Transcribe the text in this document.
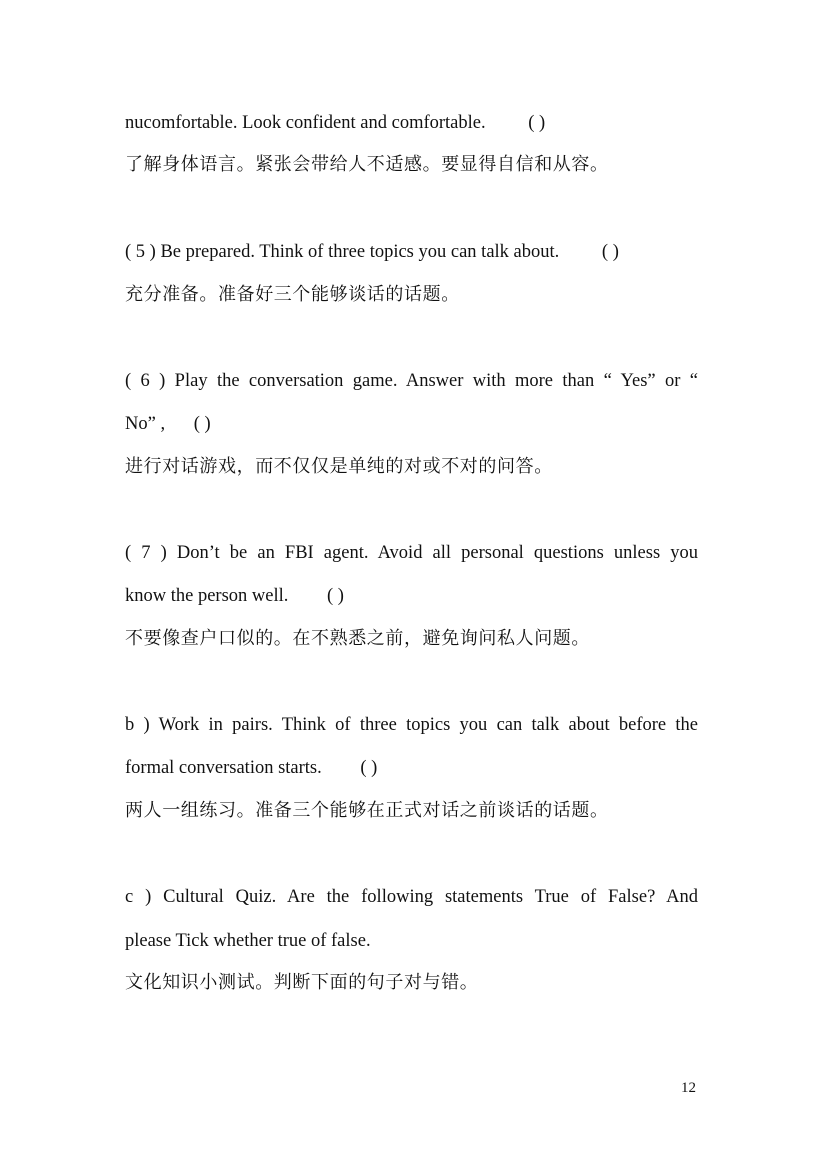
nucomfortable. Look confident and comfortable. ( )
了解身体语言。紧张会带给人不适感。要显得自信和从容。
( 5 ) Be prepared. Think of three topics you can talk about. ( )
充分准备。准备好三个能够谈话的话题。
( 6 ) Play the conversation game. Answer with more than “ Yes” or “
No” , ( )
进行对话游戏，而不仅仅是单纯的对或不对的问答。
( 7 ) Don’t be an FBI agent. Avoid all personal questions unless you
know the person well. ( )
不要像查户口似的。在不熟悉之前，避免询问私人问题。
b ) Work in pairs. Think of three topics you can talk about before the
formal conversation starts. ( )
两人一组练习。准备三个能够在正式对话之前谈话的话题。
c ) Cultural Quiz. Are the following statements True of False? And
please Tick whether true of false.
文化知识小测试。判断下面的句子对与错。
12
